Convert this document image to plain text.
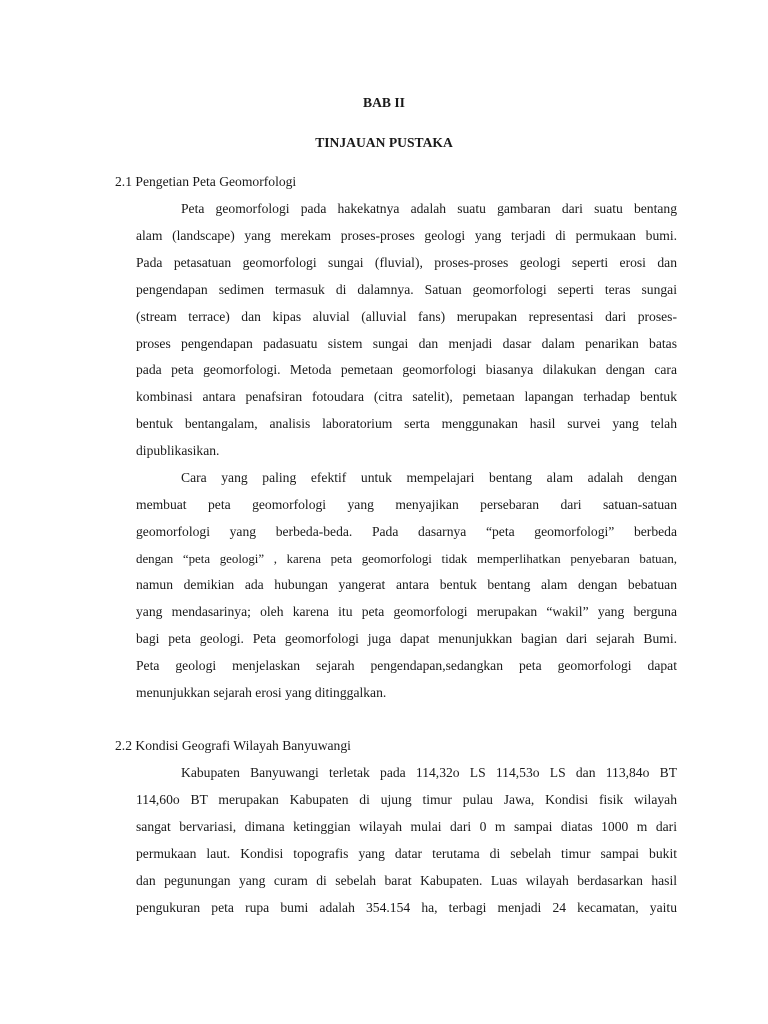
BAB II
TINJAUAN PUSTAKA
2.1 Pengetian Peta Geomorfologi
Peta geomorfologi pada hakekatnya adalah suatu gambaran dari suatu bentang
alam (landscape) yang merekam proses-proses geologi yang terjadi di permukaan bumi.
Pada petasatuan geomorfologi sungai (fluvial), proses-proses geologi seperti erosi dan
pengendapan sedimen termasuk di dalamnya. Satuan geomorfologi seperti teras sungai
(stream terrace) dan kipas aluvial (alluvial fans) merupakan representasi dari proses-
proses pengendapan padasuatu sistem sungai dan menjadi dasar dalam penarikan batas
pada peta geomorfologi. Metoda pemetaan geomorfologi biasanya dilakukan dengan cara
kombinasi antara penafsiran fotoudara (citra satelit), pemetaan lapangan terhadap bentuk
bentuk bentangalam, analisis laboratorium serta menggunakan hasil survei yang telah
dipublikasikan.
Cara yang paling efektif untuk mempelajari bentang alam adalah dengan
membuat peta geomorfologi yang menyajikan persebaran dari satuan-satuan
geomorfologi yang berbeda-beda. Pada dasarnya “peta geomorfologi” berbeda
dengan “peta geologi” , karena peta geomorfologi tidak memperlihatkan penyebaran batuan,
namun demikian ada hubungan yangerat antara bentuk bentang alam dengan bebatuan
yang mendasarinya; oleh karena itu peta geomorfologi merupakan “wakil” yang berguna
bagi peta geologi. Peta geomorfologi juga dapat menunjukkan bagian dari sejarah Bumi.
Peta geologi menjelaskan sejarah pengendapan,sedangkan peta geomorfologi dapat
menunjukkan sejarah erosi yang ditinggalkan.
2.2 Kondisi Geografi Wilayah Banyuwangi
Kabupaten Banyuwangi terletak pada 114,32o LS 114,53o LS dan 113,84o BT
114,60o BT merupakan Kabupaten di ujung timur pulau Jawa, Kondisi fisik wilayah
sangat bervariasi, dimana ketinggian wilayah mulai dari 0 m sampai diatas 1000 m dari
permukaan laut. Kondisi topografis yang datar terutama di sebelah timur sampai bukit
dan pegunungan yang curam di sebelah barat Kabupaten. Luas wilayah berdasarkan hasil
pengukuran peta rupa bumi adalah 354.154 ha, terbagi menjadi 24 kecamatan, yaitu
